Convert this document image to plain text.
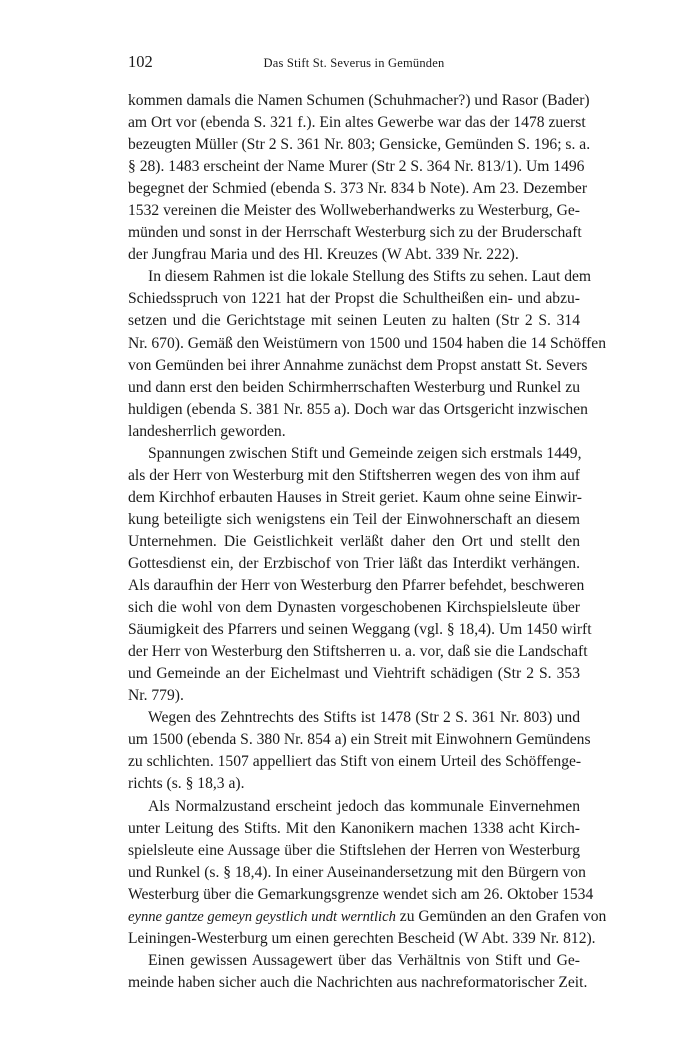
102	Das Stift St. Severus in Gemünden

kommen damals die Namen Schumen (Schuhmacher?) und Rasor (Bader)
am Ort vor (ebenda S. 321 f.). Ein altes Gewerbe war das der 1478 zuerst
bezeugten Müller (Str 2 S. 361 Nr. 803; Gensicke, Gemünden S. 196; s. a.
§ 28). 1483 erscheint der Name Murer (Str 2 S. 364 Nr. 813/1). Um 1496
begegnet der Schmied (ebenda S. 373 Nr. 834 b Note). Am 23. Dezember
1532 vereinen die Meister des Wollweberhandwerks zu Westerburg, Ge-
münden und sonst in der Herrschaft Westerburg sich zu der Bruderschaft
der Jungfrau Maria und des Hl. Kreuzes (W Abt. 339 Nr. 222).

In diesem Rahmen ist die lokale Stellung des Stifts zu sehen. Laut dem
Schiedsspruch von 1221 hat der Propst die Schultheißen ein- und abzu-
setzen und die Gerichtstage mit seinen Leuten zu halten (Str 2 S. 314
Nr. 670). Gemäß den Weistümern von 1500 und 1504 haben die 14 Schöffen
von Gemünden bei ihrer Annahme zunächst dem Propst anstatt St. Severs
und dann erst den beiden Schirmherrschaften Westerburg und Runkel zu
huldigen (ebenda S. 381 Nr. 855 a). Doch war das Ortsgericht inzwischen
landesherrlich geworden.

Spannungen zwischen Stift und Gemeinde zeigen sich erstmals 1449,
als der Herr von Westerburg mit den Stiftsherren wegen des von ihm auf
dem Kirchhof erbauten Hauses in Streit geriet. Kaum ohne seine Einwir-
kung beteiligte sich wenigstens ein Teil der Einwohnerschaft an diesem
Unternehmen. Die Geistlichkeit verläßt daher den Ort und stellt den
Gottesdienst ein, der Erzbischof von Trier läßt das Interdikt verhängen.
Als daraufhin der Herr von Westerburg den Pfarrer befehdet, beschweren
sich die wohl von dem Dynasten vorgeschobenen Kirchspielsleute über
Säumigkeit des Pfarrers und seinen Weggang (vgl. § 18,4). Um 1450 wirft
der Herr von Westerburg den Stiftsherren u. a. vor, daß sie die Landschaft
und Gemeinde an der Eichelmast und Viehtrift schädigen (Str 2 S. 353
Nr. 779).

Wegen des Zehntrechts des Stifts ist 1478 (Str 2 S. 361 Nr. 803) und
um 1500 (ebenda S. 380 Nr. 854 a) ein Streit mit Einwohnern Gemündens
zu schlichten. 1507 appelliert das Stift von einem Urteil des Schöffenge-
richts (s. § 18,3 a).

Als Normalzustand erscheint jedoch das kommunale Einvernehmen
unter Leitung des Stifts. Mit den Kanonikern machen 1338 acht Kirch-
spielsleute eine Aussage über die Stiftslehen der Herren von Westerburg
und Runkel (s. § 18,4). In einer Auseinandersetzung mit den Bürgern von
Westerburg über die Gemarkungsgrenze wendet sich am 26. Oktober 1534
eynne gantze gemeyn geystlich undt werntlich zu Gemünden an den Grafen von
Leiningen-Westerburg um einen gerechten Bescheid (W Abt. 339 Nr. 812).

Einen gewissen Aussagewert über das Verhältnis von Stift und Ge-
meinde haben sicher auch die Nachrichten aus nachreformatorischer Zeit.
